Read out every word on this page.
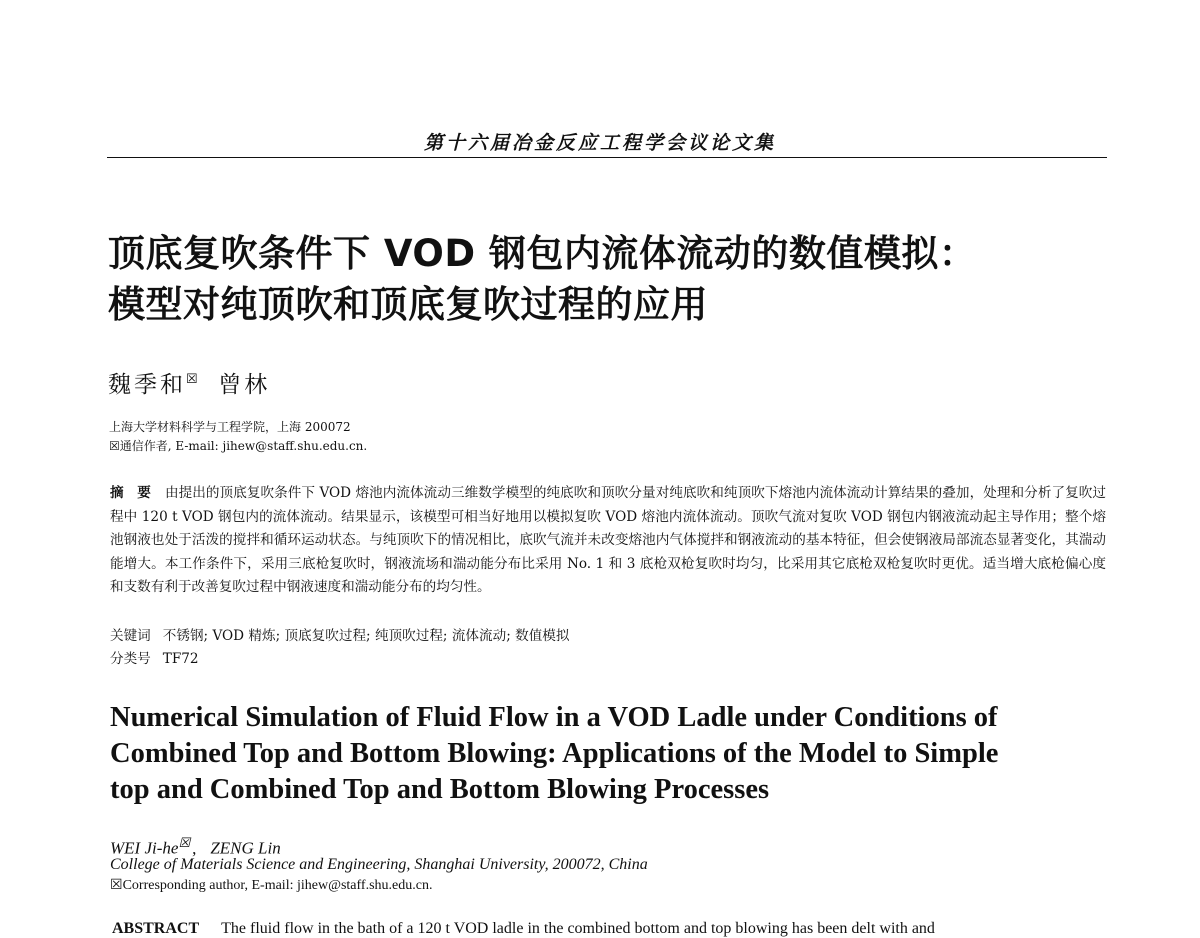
第十六届冶金反应工程学会议论文集
顶底复吹条件下 VOD 钢包内流体流动的数值模拟：
模型对纯顶吹和顶底复吹过程的应用
魏季和☒ 曾林
上海大学材料科学与工程学院，上海 200072
☒通信作者, E-mail: jihew@staff.shu.edu.cn.
摘　要 由提出的顶底复吹条件下 VOD 熔池内流体流动三维数学模型的纯底吹和顶吹分量对纯底吹和纯顶吹下熔池内流体流动计算结果的叠加，处理和分析了复吹过程中 120 t VOD 钢包内的流体流动。结果显示，该模型可相当好地用以模拟复吹 VOD 熔池内流体流动。顶吹气流对复吹 VOD 钢包内钢液流动起主导作用；整个熔池钢液也处于活泼的搅拌和循环运动状态。与纯顶吹下的情况相比，底吹气流并未改变熔池内气体搅拌和钢液流动的基本特征，但会使钢液局部流态显著变化，其湍动能增大。本工作条件下，采用三底枪复吹时，钢液流场和湍动能分布比采用 No. 1 和 3 底枪双枪复吹时均匀，比采用其它底枪双枪复吹时更优。适当增大底枪偏心度和支数有利于改善复吹过程中钢液速度和湍动能分布的均匀性。
关键词 不锈钢; VOD 精炼; 顶底复吹过程; 纯顶吹过程; 流体流动; 数值模拟
分类号 TF72
Numerical Simulation of Fluid Flow in a VOD Ladle under Conditions of
Combined Top and Bottom Blowing: Applications of the Model to Simple
top and Combined Top and Bottom Blowing Processes
WEI Ji-he☒ , ZENG Lin
College of Materials Science and Engineering, Shanghai University, 200072, China
☒Corresponding author, E-mail: jihew@staff.shu.edu.cn.
ABSTRACT The fluid flow in the bath of a 120 t VOD ladle in the combined bottom and top blowing has been delt with and
